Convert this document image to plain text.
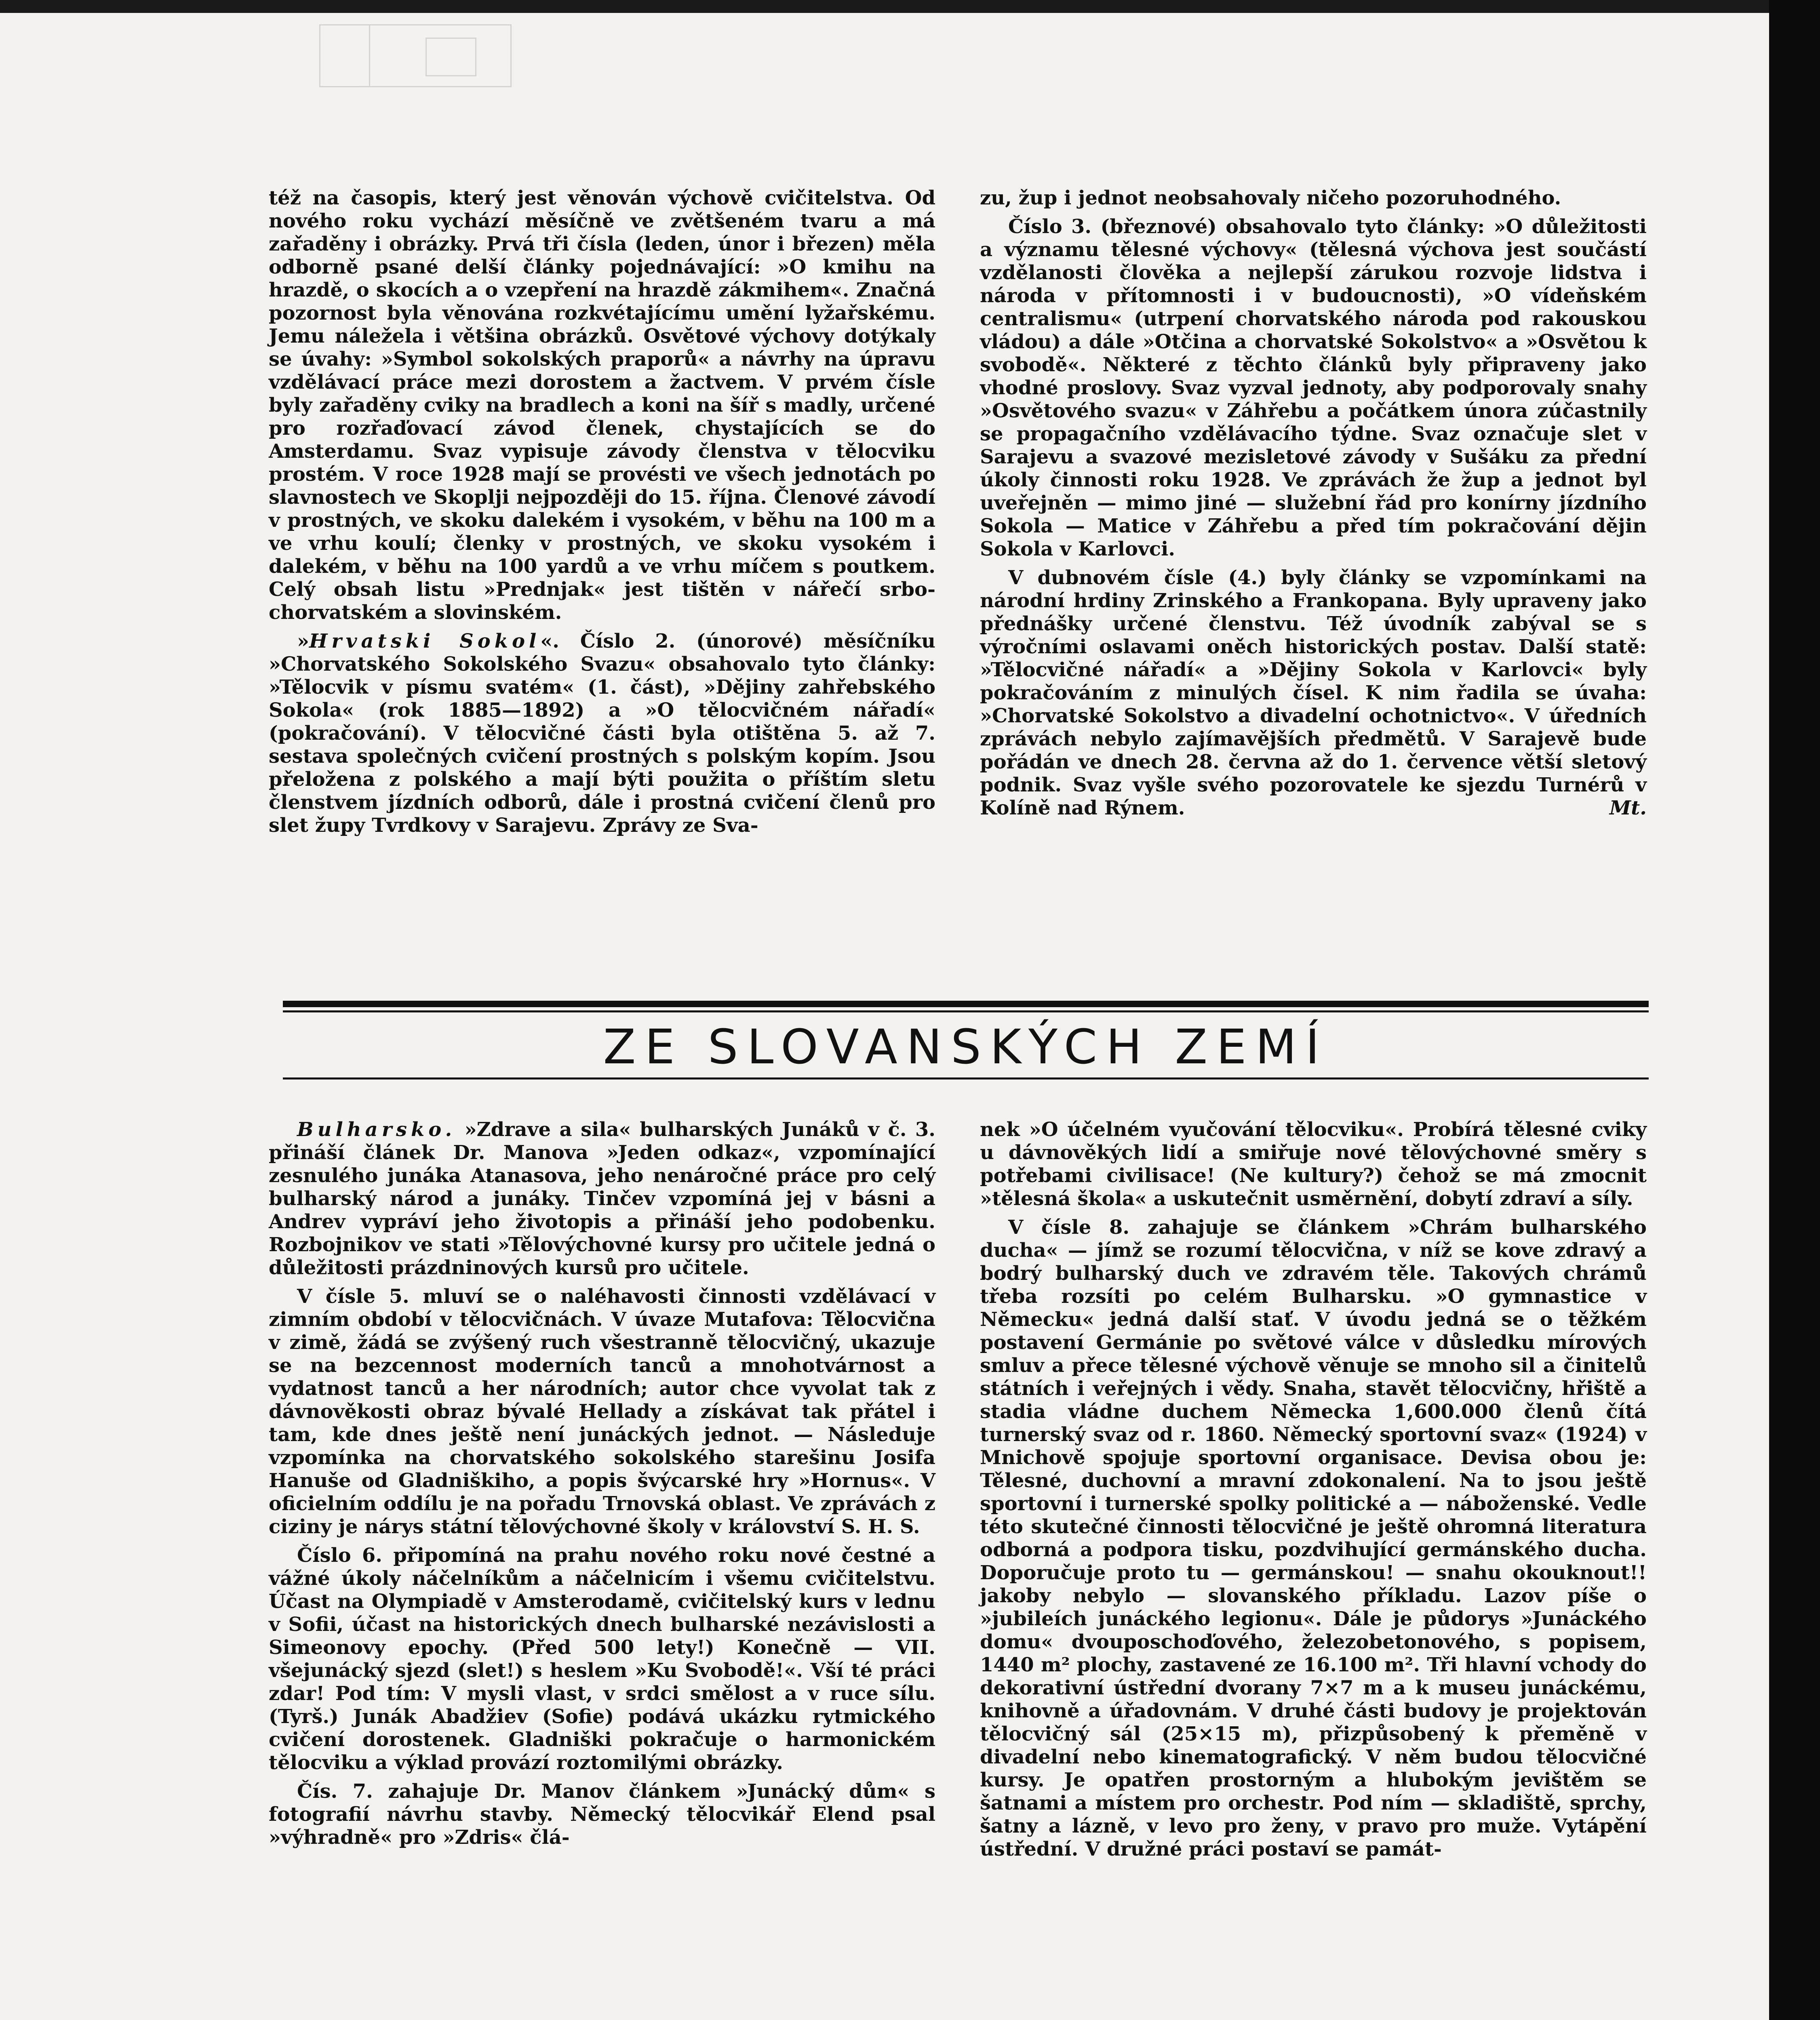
též na časopis, který jest věnován výchově cvičitelstva. Od nového roku vychází měsíčně ve zvětšeném tvaru a má zařaděny i obrázky. Prvá tři čísla (leden, únor i březen) měla odborně psané delší články pojednávající: »O kmihu na hrazdě, o skocích a o vzepření na hrazdě zákmihem«. Značná pozornost byla věnována rozkvétajícímu umění lyžařskému. Jemu náležela i většina obrázků. Osvětové výchovy dotýkaly se úvahy: »Symbol sokolských praporů« a návrhy na úpravu vzdělávací práce mezi dorostem a žactvem. V prvém čísle byly zařaděny cviky na bradlech a koni na šíř s madly, určené pro rozřaďovací závod členek, chystajících se do Amsterdamu. Svaz vypisuje závody členstva v tělocviku prostém. V roce 1928 mají se provésti ve všech jednotách po slavnostech ve Skoplji nejpozději do 15. října. Členové závodí v prostných, ve skoku dalekém i vysokém, v běhu na 100 m a ve vrhu koulí; členky v prostných, ve skoku vysokém i dalekém, v běhu na 100 yardů a ve vrhu míčem s poutkem. Celý obsah listu »Prednjak« jest tištěn v nářečí srbo-chorvatském a slovinském.

»Hrvatski Sokol«. Číslo 2. (únorové) měsíčníku »Chorvatského Sokolského Svazu« obsahovalo tyto články: »Tělocvik v písmu svatém« (1. část), »Dějiny zahřebského Sokola« (rok 1885—1892) a »O tělocvičném nářadí« (pokračování). V tělocvičné části byla otištěna 5. až 7. sestava společných cvičení prostných s polským kopím. Jsou přeložena z polského a mají býti použita o příštím sletu členstvem jízdních odborů, dále i prostná cvičení členů pro slet župy Tvrdkovy v Sarajevu. Zprávy ze Sva-

zu, žup i jednot neobsahovaly ničeho pozoruhodného.

Číslo 3. (březnové) obsahovalo tyto články: »O důležitosti a významu tělesné výchovy« (tělesná výchova jest součástí vzdělanosti člověka a nejlepší zárukou rozvoje lidstva i národa v přítomnosti i v budoucnosti), »O vídeňském centralismu« (utrpení chorvatského národa pod rakouskou vládou) a dále »Otčina a chorvatské Sokolstvo« a »Osvětou k svobodě«. Některé z těchto článků byly připraveny jako vhodné proslovy. Svaz vyzval jednoty, aby podporovaly snahy »Osvětového svazu« v Záhřebu a počátkem února zúčastnily se propagačního vzdělávacího týdne. Svaz označuje slet v Sarajevu a svazové mezisletové závody v Sušáku za přední úkoly činnosti roku 1928. Ve zprávách že žup a jednot byl uveřejněn — mimo jiné — služební řád pro konírny jízdního Sokola — Matice v Záhřebu a před tím pokračování dějin Sokola v Karlovci.

V dubnovém čísle (4.) byly články se vzpomínkami na národní hrdiny Zrinského a Frankopana. Byly upraveny jako přednášky určené členstvu. Též úvodník zabýval se s výročními oslavami oněch historických postav. Další statě: »Tělocvičné nářadí« a »Dějiny Sokola v Karlovci« byly pokračováním z minulých čísel. K nim řadila se úvaha: »Chorvatské Sokolstvo a divadelní ochotnictvo«. V úředních zprávách nebylo zajímavějších předmětů. V Sarajevě bude pořádán ve dnech 28. června až do 1. července větší sletový podnik. Svaz vyšle svého pozorovatele ke sjezdu Turnérů v Kolíně nad Rýnem.	Mt.

ZE SLOVANSKÝCH ZEMÍ

Bulharsko. »Zdrave a sila« bulharských Junáků v č. 3. přináší článek Dr. Manova »Jeden odkaz«, vzpomínající zesnulého junáka Atanasova, jeho nenáročné práce pro celý bulharský národ a junáky. Tinčev vzpomíná jej v básni a Andrev vypráví jeho životopis a přináší jeho podobenku. Rozbojnikov ve stati »Tělovýchovné kursy pro učitele jedná o důležitosti prázdninových kursů pro učitele.

V čísle 5. mluví se o naléhavosti činnosti vzdělávací v zimním období v tělocvičnách. V úvaze Mutafova: Tělocvična v zimě, žádá se zvýšený ruch všestranně tělocvičný, ukazuje se na bezcennost moderních tanců a mnohotvárnost a vydatnost tanců a her národních; autor chce vyvolat tak z dávnověkosti obraz bývalé Hellady a získávat tak přátel i tam, kde dnes ještě není junáckých jednot. — Následuje vzpomínka na chorvatského sokolského starešinu Josifa Hanuše od Gladniškiho, a popis švýcarské hry »Hornus«. V oficielním oddílu je na pořadu Trnovská oblast. Ve zprávách z ciziny je nárys státní tělovýchovné školy v království S. H. S.

Číslo 6. připomíná na prahu nového roku nové čestné a vážné úkoly náčelníkům a náčelnicím i všemu cvičitelstvu. Účast na Olympiadě v Amsterodamě, cvičitelský kurs v lednu v Sofii, účast na historických dnech bulharské nezávislosti a Simeonovy epochy. (Před 500 lety!) Konečně — VII. všejunácký sjezd (slet!) s heslem »Ku Svobodě!«. Vší té práci zdar! Pod tím: V mysli vlast, v srdci smělost a v ruce sílu. (Tyrš.) Junák Abadžiev (Sofie) podává ukázku rytmického cvičení dorostenek. Gladniški pokračuje o harmonickém tělocviku a výklad provází roztomilými obrázky.

Čís. 7. zahajuje Dr. Manov článkem »Junácký dům« s fotografií návrhu stavby. Německý tělocvikář Elend psal »výhradně« pro »Zdris« člá-

nek »O účelném vyučování tělocviku«. Probírá tělesné cviky u dávnověkých lidí a smiřuje nové tělovýchovné směry s potřebami civilisace! (Ne kultury?) čehož se má zmocnit »tělesná škola« a uskutečnit usměrnění, dobytí zdraví a síly.

V čísle 8. zahajuje se článkem »Chrám bulharského ducha« — jímž se rozumí tělocvična, v níž se kove zdravý a bodrý bulharský duch ve zdravém těle. Takových chrámů třeba rozsíti po celém Bulharsku. »O gymnastice v Německu« jedná další stať. V úvodu jedná se o těžkém postavení Germánie po světové válce v důsledku mírových smluv a přece tělesné výchově věnuje se mnoho sil a činitelů státních i veřejných i vědy. Snaha, stavět tělocvičny, hřiště a stadia vládne duchem Německa 1,600.000 členů čítá turnerský svaz od r. 1860. Německý sportovní svaz« (1924) v Mnichově spojuje sportovní organisace. Devisa obou je: Tělesné, duchovní a mravní zdokonalení. Na to jsou ještě sportovní i turnerské spolky politické a — náboženské. Vedle této skutečné činnosti tělocvičné je ještě ohromná literatura odborná a podpora tisku, pozdvihující germánského ducha. Doporučuje proto tu — germánskou! — snahu okouknout!! jakoby nebylo — slovanského příkladu. Lazov píše o »jubileích junáckého legionu«. Dále je půdorys »Junáckého domu« dvouposchoďového, železobetonového, s popisem, 1440 m² plochy, zastavené ze 16.100 m². Tři hlavní vchody do dekorativní ústřední dvorany 7×7 m a k museu junáckému, knihovně a úřadovnám. V druhé části budovy je projektován tělocvičný sál (25×15 m), přizpůsobený k přeměně v divadelní nebo kinematografický. V něm budou tělocvičné kursy. Je opatřen prostorným a hlubokým jevištěm se šatnami a místem pro orchestr. Pod ním — skladiště, sprchy, šatny a lázně, v levo pro ženy, v pravo pro muže. Vytápění ústřední. V družné práci postaví se památ-
